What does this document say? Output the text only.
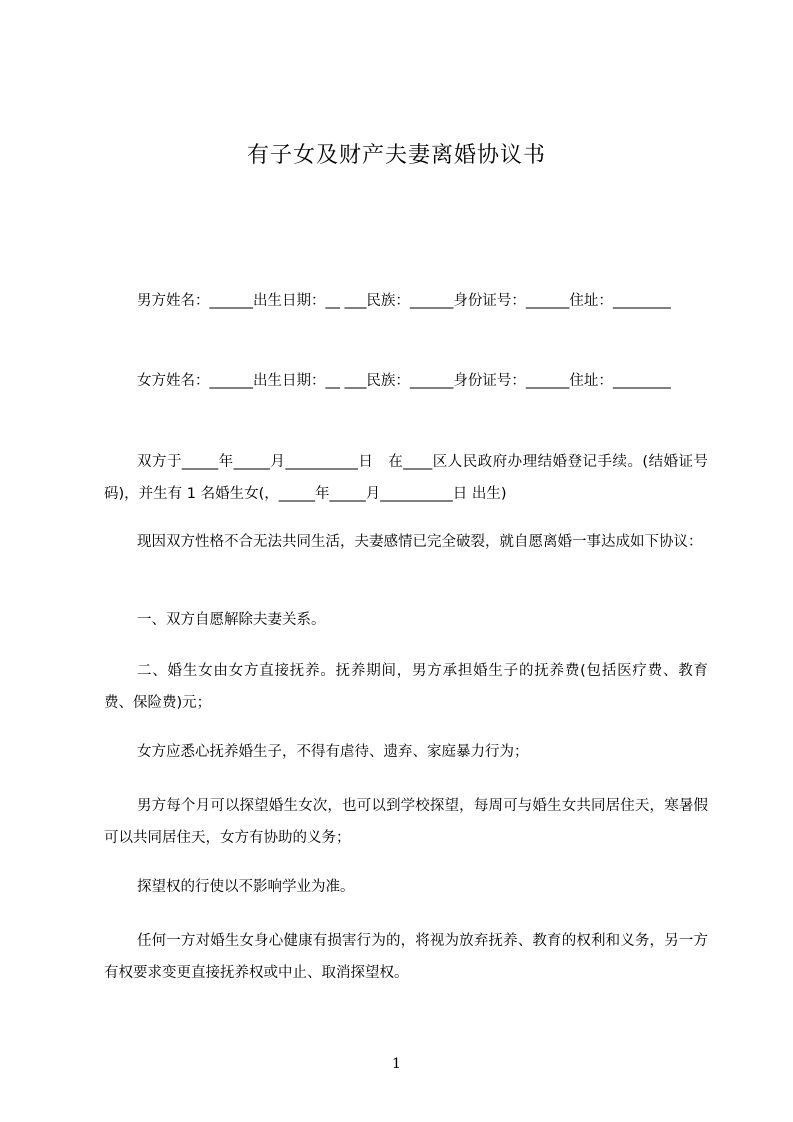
有子女及财产夫妻离婚协议书
男方姓名：______出生日期：__ ___民族：______身份证号：______住址：________
女方姓名：______出生日期：__ ___民族：______身份证号：______住址：________
双方于_____年_____月__________日　在____区人民政府办理结婚登记手续。(结婚证号码)，并生有 1 名婚生女(，_____年_____月__________日 出生)
现因双方性格不合无法共同生活，夫妻感情已完全破裂，就自愿离婚一事达成如下协议：
一、双方自愿解除夫妻关系。
二、婚生女由女方直接抚养。抚养期间，男方承担婚生子的抚养费(包括医疗费、教育费、保险费)元；
女方应悉心抚养婚生子，不得有虐待、遗弃、家庭暴力行为；
男方每个月可以探望婚生女次，也可以到学校探望，每周可与婚生女共同居住天，寒暑假可以共同居住天，女方有协助的义务；
探望权的行使以不影响学业为准。
任何一方对婚生女身心健康有损害行为的，将视为放弃抚养、教育的权利和义务，另一方有权要求变更直接抚养权或中止、取消探望权。
1
